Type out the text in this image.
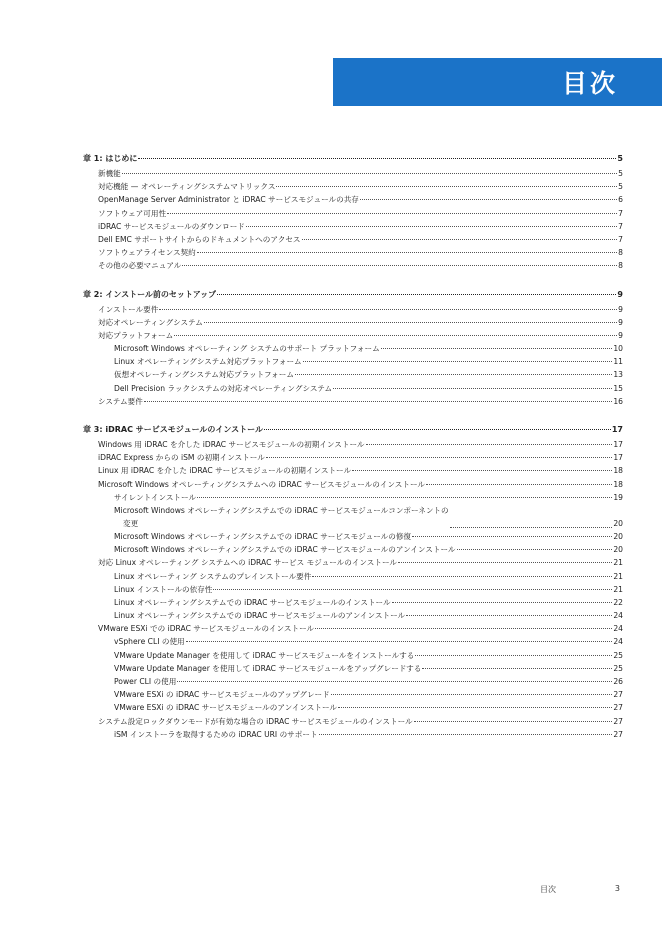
目次
章 1: はじめに	5
新機能	5
対応機能 — オペレーティングシステムマトリックス	5
OpenManage Server Administrator と iDRAC サービスモジュールの共存	6
ソフトウェア可用性	7
iDRAC サービスモジュールのダウンロード	7
Dell EMC サポートサイトからのドキュメントへのアクセス	7
ソフトウェアライセンス契約	8
その他の必要マニュアル	8
章 2: インストール前のセットアップ	9
インストール要件	9
対応オペレーティングシステム	9
対応プラットフォーム	9
Microsoft Windows オペレーティング システムのサポート プラットフォーム	10
Linux オペレーティングシステム対応プラットフォーム	11
仮想オペレーティングシステム対応プラットフォーム	13
Dell Precision ラックシステムの対応オペレーティングシステム	15
システム要件	16
章 3: iDRAC サービスモジュールのインストール	17
Windows 用 iDRAC を介した iDRAC サービスモジュールの初期インストール	17
iDRAC Express からの iSM の初期インストール	17
Linux 用 iDRAC を介した iDRAC サービスモジュールの初期インストール	18
Microsoft Windows オペレーティングシステムへの iDRAC サービスモジュールのインストール	18
サイレントインストール	19
Microsoft Windows オペレーティングシステムでの iDRAC サービスモジュールコンポーネントの
変更	20
Microsoft Windows オペレーティングシステムでの iDRAC サービスモジュールの修復	20
Microsoft Windows オペレーティングシステムでの iDRAC サービスモジュールのアンインストール	20
対応 Linux オペレーティング システムへの iDRAC サービス モジュールのインストール	21
Linux オペレーティング システムのプレインストール要件	21
Linux インストールの依存性	21
Linux オペレーティングシステムでの iDRAC サービスモジュールのインストール	22
Linux オペレーティングシステムでの iDRAC サービスモジュールのアンインストール	24
VMware ESXi での iDRAC サービスモジュールのインストール	24
vSphere CLI の使用	24
VMware Update Manager を使用して iDRAC サービスモジュールをインストールする	25
VMware Update Manager を使用して iDRAC サービスモジュールをアップグレードする	25
Power CLI の使用	26
VMware ESXi の iDRAC サービスモジュールのアップグレード	27
VMware ESXi の iDRAC サービスモジュールのアンインストール	27
システム設定ロックダウンモードが有効な場合の iDRAC サービスモジュールのインストール	27
iSM インストーラを取得するための iDRAC URI のサポート	27
目次	3
